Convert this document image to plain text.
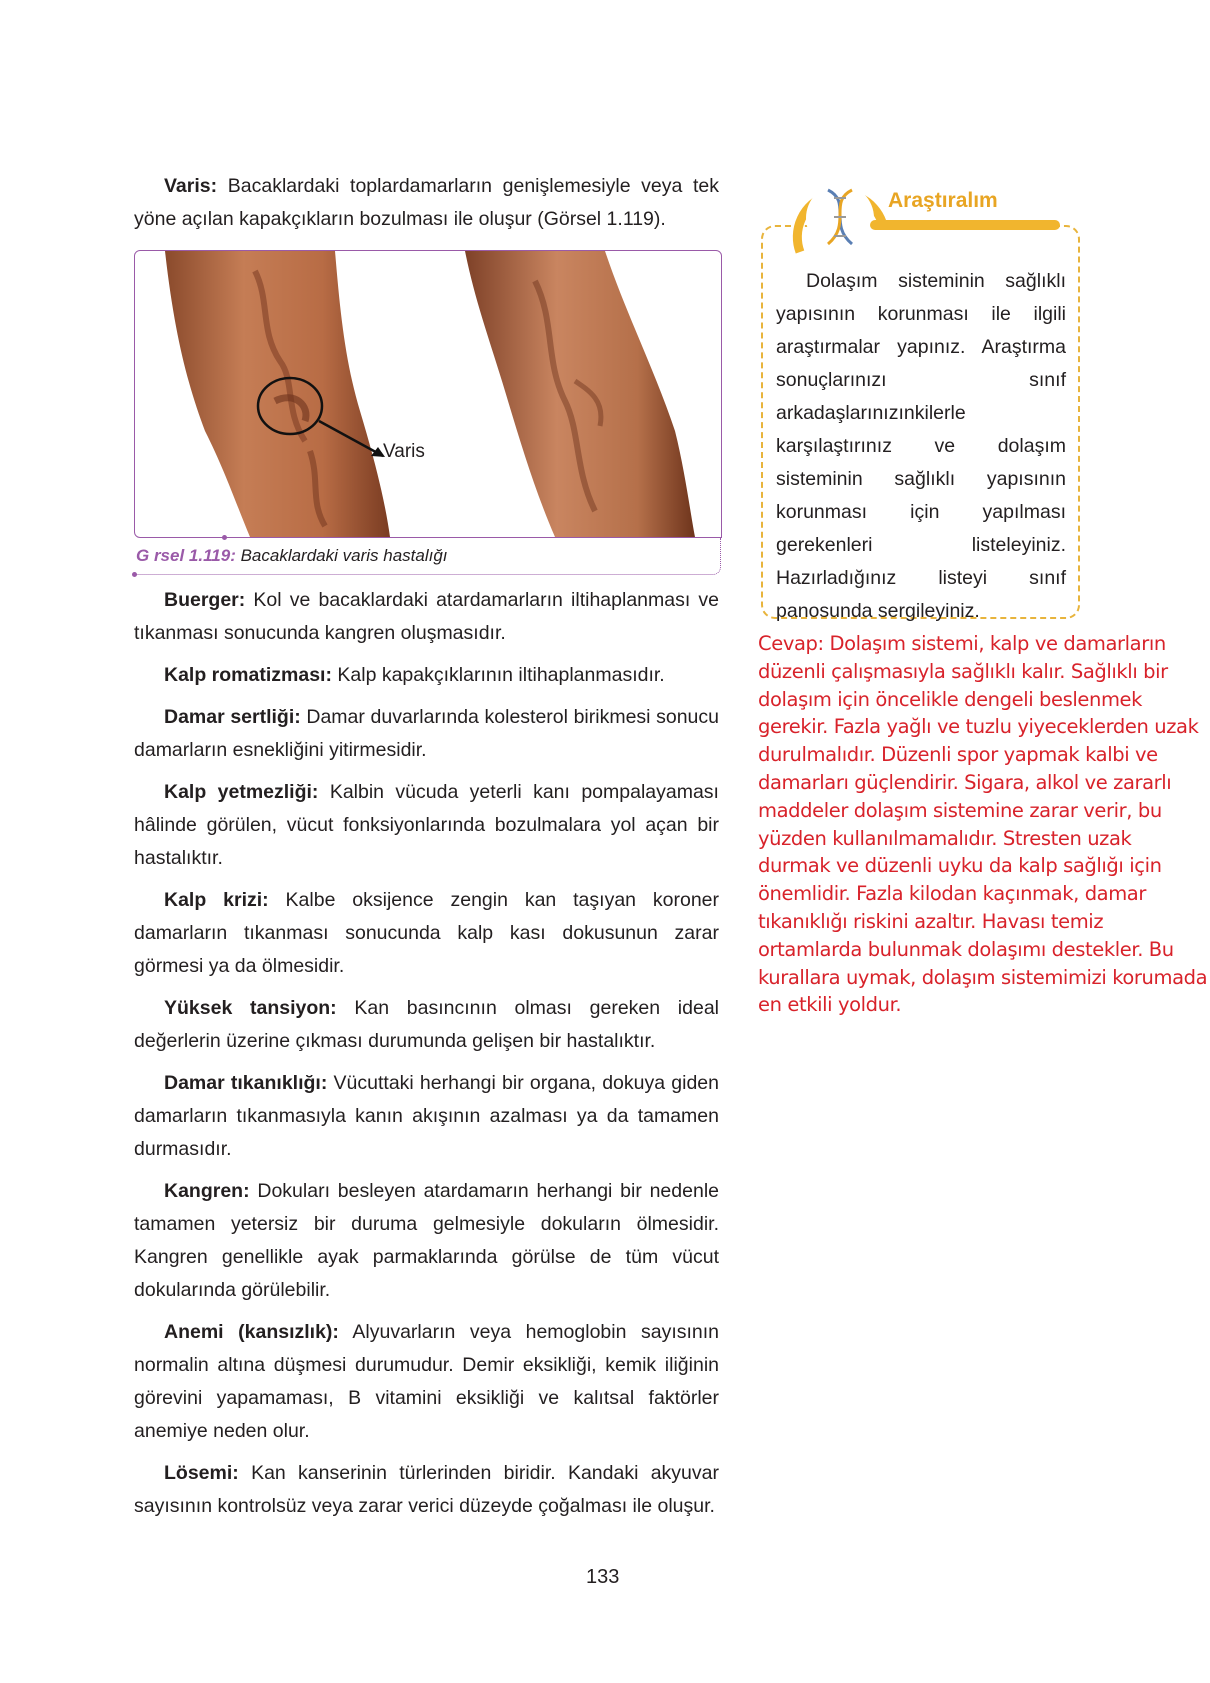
Varis: Bacaklardaki toplardamarların genişlemesiyle veya tek yöne açılan kapakçıkların bozulması ile oluşur (Görsel 1.119).

Varis
G rsel 1.119: Bacaklardaki varis hastalığı

Buerger: Kol ve bacaklardaki atardamarların iltihaplanması ve tıkanması sonucunda kangren oluşmasıdır.

Kalp romatizması: Kalp kapakçıklarının iltihaplanmasıdır.

Damar sertliği: Damar duvarlarında kolesterol birikmesi sonucu damarların esnekliğini yitirmesidir.

Kalp yetmezliği: Kalbin vücuda yeterli kanı pompalayaması hâlinde görülen, vücut fonksiyonlarında bozulmalara yol açan bir hastalıktır.

Kalp krizi: Kalbe oksijence zengin kan taşıyan koroner damarların tıkanması sonucunda kalp kası dokusunun zarar görmesi ya da ölmesidir.

Yüksek tansiyon: Kan basıncının olması gereken ideal değerlerin üzerine çıkması durumunda gelişen bir hastalıktır.

Damar tıkanıklığı: Vücuttaki herhangi bir organa, dokuya giden damarların tıkanmasıyla kanın akışının azalması ya da tamamen durmasıdır.

Kangren: Dokuları besleyen atardamarın herhangi bir nedenle tamamen yetersiz bir duruma gelmesiyle dokuların ölmesidir. Kangren genellikle ayak parmaklarında görülse de tüm vücut dokularında görülebilir.

Anemi (kansızlık): Alyuvarların veya hemoglobin sayısının normalin altına düşmesi durumudur. Demir eksikliği, kemik iliğinin görevini yapamaması, B vitamini eksikliği ve kalıtsal faktörler anemiye neden olur.

Lösemi: Kan kanserinin türlerinden biridir. Kandaki akyuvar sayısının kontrolsüz veya zarar verici düzeyde çoğalması ile oluşur.

Araştıralım

Dolaşım sisteminin sağlıklı yapısının korunması ile ilgili araştırmalar yapınız. Araştırma sonuçlarınızı sınıf arkadaşlarınızınkilerle karşılaştırınız ve dolaşım sisteminin sağlıklı yapısının korunması için yapılması gerekenleri listeleyiniz. Hazırladığınız listeyi sınıf panosunda sergileyiniz.

Cevap: Dolaşım sistemi, kalp ve damarların düzenli çalışmasıyla sağlıklı kalır. Sağlıklı bir dolaşım için öncelikle dengeli beslenmek gerekir. Fazla yağlı ve tuzlu yiyeceklerden uzak durulmalıdır. Düzenli spor yapmak kalbi ve damarları güçlendirir. Sigara, alkol ve zararlı maddeler dolaşım sistemine zarar verir, bu yüzden kullanılmamalıdır. Stresten uzak durmak ve düzenli uyku da kalp sağlığı için önemlidir. Fazla kilodan kaçınmak, damar tıkanıklığı riskini azaltır. Havası temiz ortamlarda bulunmak dolaşımı destekler. Bu kurallara uymak, dolaşım sistemimizi korumada en etkili yoldur.

133
